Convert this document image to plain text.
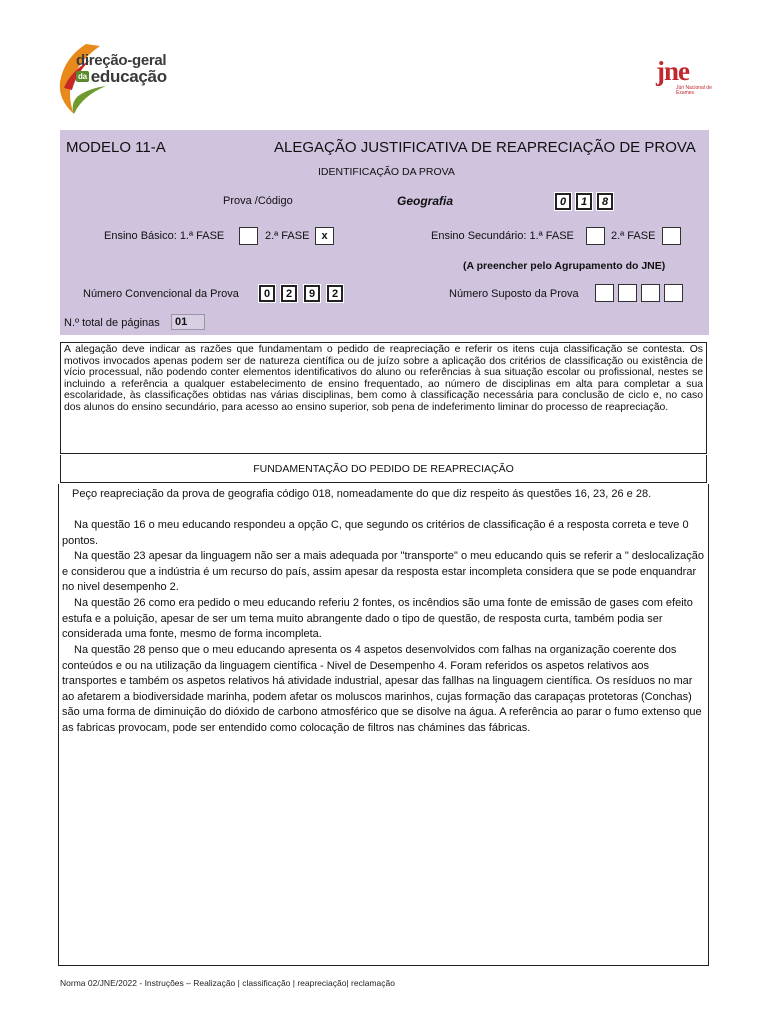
direção-geral
da educação	jne
Júri Nacional de Exames
MODELO 11-A	ALEGAÇÃO JUSTIFICATIVA DE REAPRECIAÇÃO DE PROVA
IDENTIFICAÇÃO DA PROVA
Prova /Código	Geografia	0	1	8
Ensino Básico: 1.ª FASE	2.ª FASE	x	Ensino Secundário: 1.ª FASE	2.ª FASE
(A preencher pelo Agrupamento do JNE)
Número Convencional da Prova	0	2	9	2	Número Suposto da Prova
N.º total de páginas	01
A alegação deve indicar as razões que fundamentam o pedido de reapreciação e referir os itens cuja classificação se contesta. Os motivos invocados apenas podem ser de natureza científica ou de juízo sobre a aplicação dos critérios de classificação ou existência de vício processual, não podendo conter elementos identificativos do aluno ou referências à sua situação escolar ou profissional, nestes se incluindo a referência a qualquer estabelecimento de ensino frequentado, ao número de disciplinas em alta para completar a sua escolaridade, às classificações obtidas nas várias disciplinas, bem como à classificação necessária para conclusão de ciclo e, no caso dos alunos do ensino secundário, para acesso ao ensino superior, sob pena de indeferimento liminar do processo de reapreciação.
FUNDAMENTAÇÃO DO PEDIDO DE REAPRECIAÇÃO
Peço reapreciação da prova de geografia código 018, nomeadamente do que diz respeito ás questões 16, 23, 26 e 28.
Na questão 16 o meu educando respondeu a opção C, que segundo os critérios de classificação é a resposta correta e teve 0 pontos.
Na questão 23 apesar da linguagem não ser a mais adequada por "transporte" o meu educando quis se referir a " deslocalização e considerou que a indústria é um recurso do país, assim apesar da resposta estar incompleta considera que se pode enquandrar no nivel desempenho 2.
Na questão 26 como era pedido o meu educando referiu 2 fontes, os incêndios são uma fonte de emissão de gases com efeito estufa e a poluição, apesar de ser um tema muito abrangente dado o tipo de questão, de resposta curta, também podia ser considerada uma fonte, mesmo de forma incompleta.
Na questão 28 penso que o meu educando apresenta os 4 aspetos desenvolvidos com falhas na organização coerente dos conteúdos e ou na utilização da linguagem científica - Nivel de Desempenho 4. Foram referidos os aspetos relativos aos transportes e também os aspetos relativos há atividade industrial, apesar das fallhas na linguagem científica. Os resíduos no mar ao afetarem a biodiversidade marinha, podem afetar os moluscos marinhos, cujas formação das carapaças protetoras (Conchas) são uma forma de diminuição do dióxido de carbono atmosférico que se disolve na água. A referência ao parar o fumo extenso que as fabricas provocam, pode ser entendido como colocação de filtros nas chámines das fábricas.
Norma 02/JNE/2022 - Instruções – Realização | classificação | reapreciação| reclamação
